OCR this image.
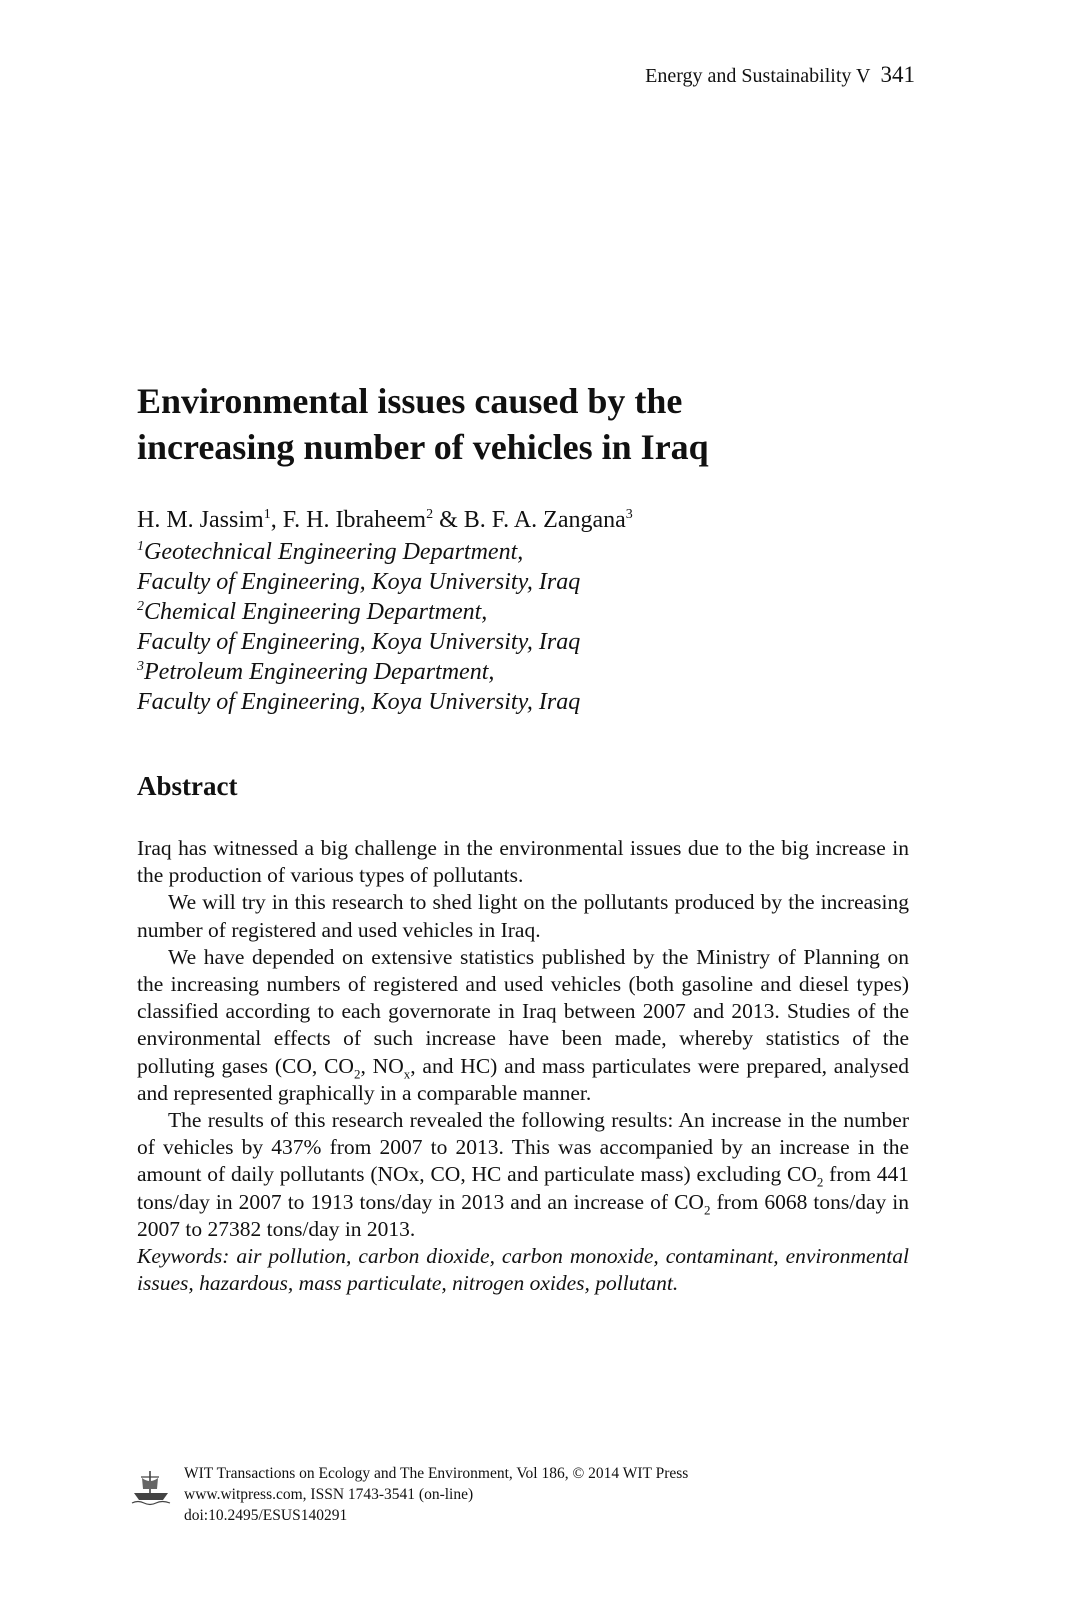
Energy and Sustainability V 341
Environmental issues caused by the
increasing number of vehicles in Iraq
H. M. Jassim$^1$, F. H. Ibraheem$^2$ & B. F. A. Zangana$^3$
$^1$Geotechnical Engineering Department,
Faculty of Engineering, Koya University, Iraq
$^2$Chemical Engineering Department,
Faculty of Engineering, Koya University, Iraq
$^3$Petroleum Engineering Department,
Faculty of Engineering, Koya University, Iraq
Abstract

Iraq has witnessed a big challenge in the environmental issues due to the big increase in the production of various types of pollutants.

We will try in this research to shed light on the pollutants produced by the increasing number of registered and used vehicles in Iraq.

We have depended on extensive statistics published by the Ministry of Planning on the increasing numbers of registered and used vehicles (both gasoline and diesel types) classified according to each governorate in Iraq between 2007 and 2013. Studies of the environmental effects of such increase have been made, whereby statistics of the polluting gases (CO, $CO_2$, $NO_x$, and HC) and mass particulates were prepared, analysed and represented graphically in a comparable manner.

The results of this research revealed the following results: An increase in the number of vehicles by 437% from 2007 to 2013. This was accompanied by an increase in the amount of daily pollutants (NOx, CO, HC and particulate mass) excluding $CO_2$ from 441 tons/day in 2007 to 1913 tons/day in 2013 and an increase of $CO_2$ from 6068 tons/day in 2007 to 27382 tons/day in 2013.

Keywords: air pollution, carbon dioxide, carbon monoxide, contaminant, environmental issues, hazardous, mass particulate, nitrogen oxides, pollutant.

WIT Transactions on Ecology and The Environment, Vol 186, © 2014 WIT Press
www.witpress.com, ISSN 1743-3541 (on-line)
doi:10.2495/ESUS140291
